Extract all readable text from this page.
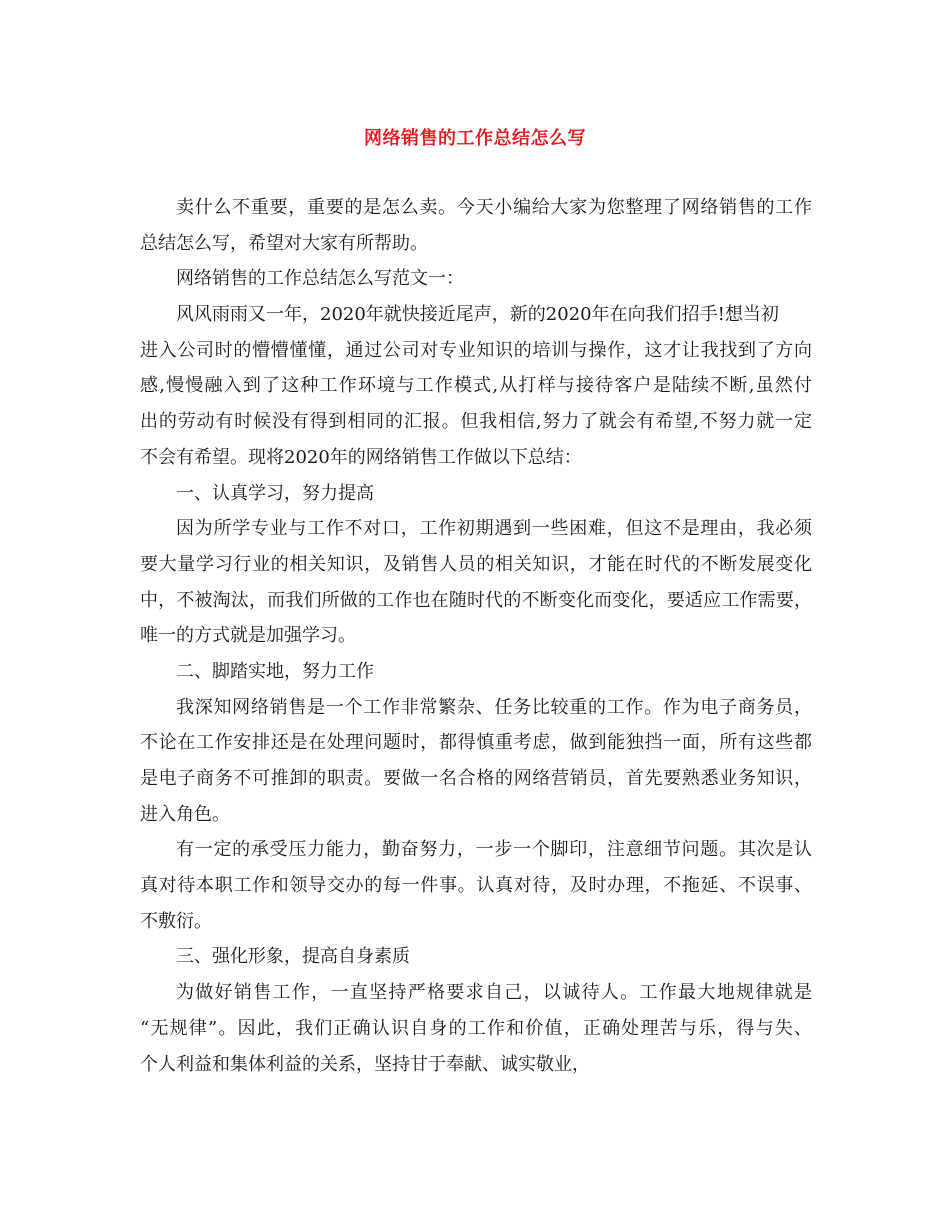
网络销售的工作总结怎么写
卖什么不重要，重要的是怎么卖。今天小编给大家为您整理了网络销售的工作
总结怎么写，希望对大家有所帮助。
网络销售的工作总结怎么写范文一：
风风雨雨又一年，2020年就快接近尾声，新的2020年在向我们招手!想当初
进入公司时的懵懵懂懂，通过公司对专业知识的培训与操作，这才让我找到了方向
感,慢慢融入到了这种工作环境与工作模式,从打样与接待客户是陆续不断,虽然付
出的劳动有时候没有得到相同的汇报。但我相信,努力了就会有希望,不努力就一定
不会有希望。现将2020年的网络销售工作做以下总结：
一、认真学习，努力提高
因为所学专业与工作不对口，工作初期遇到一些困难，但这不是理由，我必须
要大量学习行业的相关知识，及销售人员的相关知识，才能在时代的不断发展变化
中，不被淘汰，而我们所做的工作也在随时代的不断变化而变化，要适应工作需要，
唯一的方式就是加强学习。
二、脚踏实地，努力工作
我深知网络销售是一个工作非常繁杂、任务比较重的工作。作为电子商务员，
不论在工作安排还是在处理问题时，都得慎重考虑，做到能独挡一面，所有这些都
是电子商务不可推卸的职责。要做一名合格的网络营销员，首先要熟悉业务知识，
进入角色。
有一定的承受压力能力，勤奋努力，一步一个脚印，注意细节问题。其次是认
真对待本职工作和领导交办的每一件事。认真对待，及时办理，不拖延、不误事、
不敷衍。
三、强化形象，提高自身素质
为做好销售工作，一直坚持严格要求自己，以诚待人。工作最大地规律就是
“无规律”。因此，我们正确认识自身的工作和价值，正确处理苦与乐，得与失、
个人利益和集体利益的关系，坚持甘于奉献、诚实敬业，
